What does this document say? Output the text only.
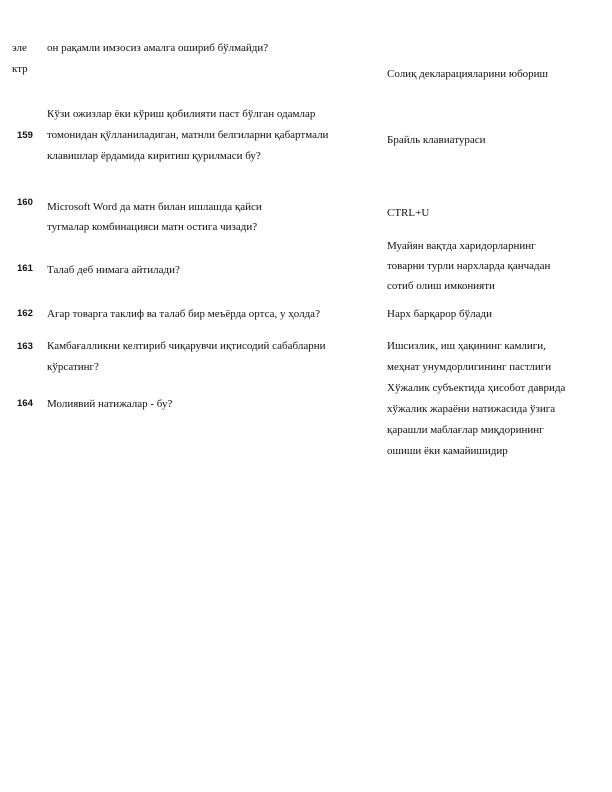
эле
ктр
он рақамли имзосиз амалга ошириб бўлмайди?
Солиқ декларацияларини юбориш
159
Кўзи ожизлар ёки кўриш қобилияти паст бўлган одамлар
томонидан қўлланиладиган, матнли белгиларни қабартмали
клавишлар ёрдамида киритиш қурилмаси бу?
Брайль клавиатураси
160 Microsoft Word да матн билан ишлашда қайси
тугмалар комбинацияси матн остига чизади?
CTRL+U
161 Талаб деб нимага айтилади?
Муайян вақтда харидорларнинг
товарни турли нархларда қанчадан
сотиб олиш имконияти
162 Агар товарга таклиф ва талаб бир меъёрда ортса, у ҳолда?	Нарх барқарор бўлади
163 Камбағалликни келтириб чиқарувчи иқтисодий сабабларни
кўрсатинг?
Ишсизлик, иш ҳақининг камлиги,
меҳнат унумдорлигининг пастлиги
164 Молиявий натижалар - бу?
Хўжалик субъектида ҳисобот даврида
хўжалик жараёни натижасида ўзига
қарашли маблағлар миқдорининг
ошиши ёки камайишидир
